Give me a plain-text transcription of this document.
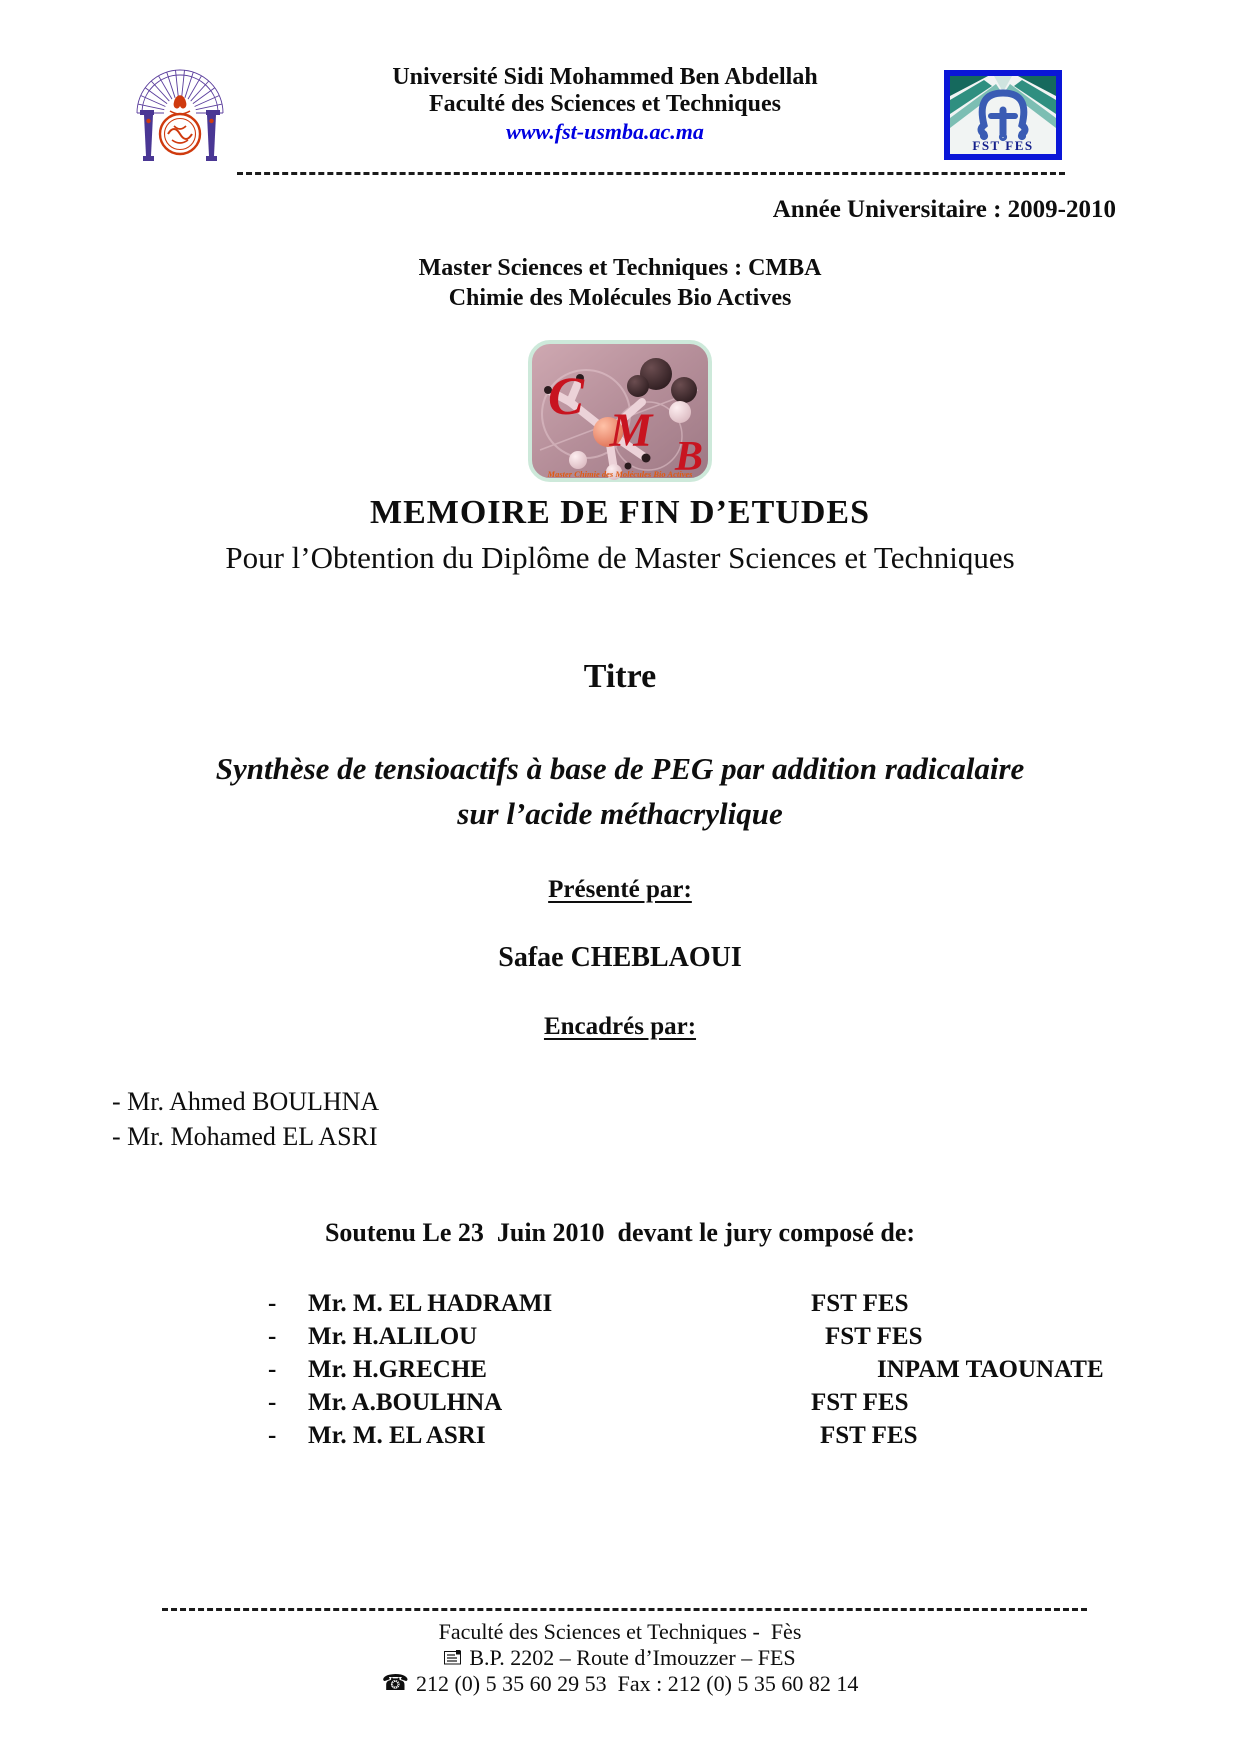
Université Sidi Mohammed Ben Abdellah
Faculté des Sciences et Techniques
www.fst-usmba.ac.ma
FST FES
Année Universitaire : 2009-2010
Master Sciences et Techniques : CMBA
Chimie des Molécules Bio Actives
C
M B
Master Chimie des Molécules Bio Actives
MEMOIRE DE FIN D’ETUDES
Pour l’Obtention du Diplôme de Master Sciences et Techniques
Titre
Synthèse de tensioactifs à base de PEG par addition radicalaire
sur l’acide méthacrylique
Présenté par:
Safae CHEBLAOUI
Encadrés par:
- Mr. Ahmed BOULHNA
- Mr. Mohamed EL ASRI
Soutenu Le 23  Juin 2010  devant le jury composé de:
-	Mr. M. EL HADRAMI	FST FES
-	Mr. H.ALILOU	FST FES
-	Mr. H.GRECHE	INPAM TAOUNATE
-	Mr. A.BOULHNA	FST FES
-	Mr. M. EL ASRI	FST FES
Faculté des Sciences et Techniques -  Fès
B.P. 2202 – Route d’Imouzzer – FES
☎ 212 (0) 5 35 60 29 53  Fax : 212 (0) 5 35 60 82 14
